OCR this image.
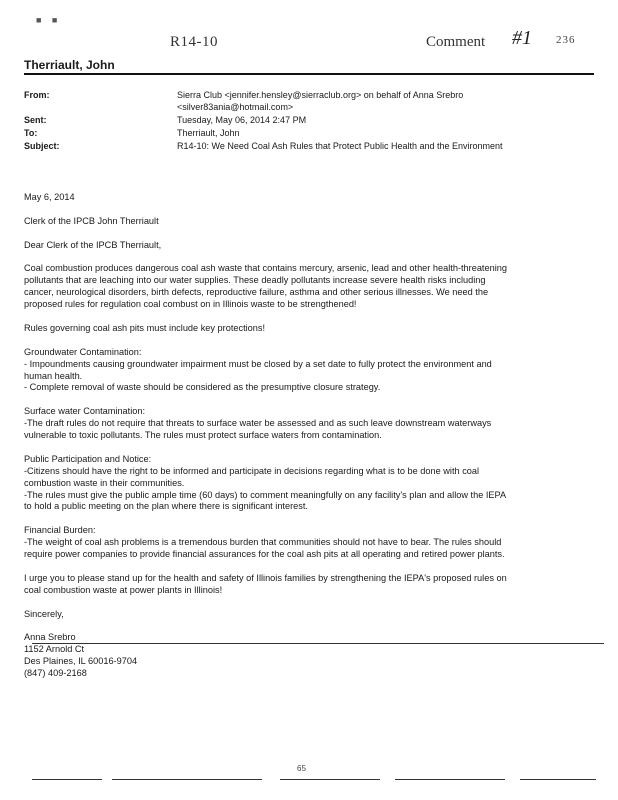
■ ■
R14-10	Comment #1 236
Therriault, John
From:	Sierra Club <jennifer.hensley@sierraclub.org> on behalf of Anna Srebro
<silver83ania@hotmail.com>
Sent:	Tuesday, May 06, 2014 2:47 PM
To:	Therriault, John
Subject:	R14-10: We Need Coal Ash Rules that Protect Public Health and the Environment

May 6, 2014

Clerk of the IPCB John Therriault

Dear Clerk of the IPCB Therriault,

Coal combustion produces dangerous coal ash waste that contains mercury, arsenic, lead and other health-threatening
pollutants that are leaching into our water supplies. These deadly pollutants increase severe health risks including
cancer, neurological disorders, birth defects, reproductive failure, asthma and other serious illnesses. We need the
proposed rules for regulation coal combust on in Illinois waste to be strengthened!

Rules governing coal ash pits must include key protections!

Groundwater Contamination:
- Impoundments causing groundwater impairment must be closed by a set date to fully protect the environment and
human health.
- Complete removal of waste should be considered as the presumptive closure strategy.

Surface water Contamination:
-The draft rules do not require that threats to surface water be assessed and as such leave downstream waterways
vulnerable to toxic pollutants. The rules must protect surface waters from contamination.

Public Participation and Notice:
-Citizens should have the right to be informed and participate in decisions regarding what is to be done with coal
combustion waste in their communities.
-The rules must give the public ample time (60 days) to comment meaningfully on any facility's plan and allow the IEPA
to hold a public meeting on the plan where there is significant interest.

Financial Burden:
-The weight of coal ash problems is a tremendous burden that communities should not have to bear. The rules should
require power companies to provide financial assurances for the coal ash pits at all operating and retired power plants.

I urge you to please stand up for the health and safety of Illinois families by strengthening the IEPA's proposed rules on
coal combustion waste at power plants in Illinois!

Sincerely,

Anna Srebro
1152 Arnold Ct
Des Plaines, IL 60016-9704
(847) 409-2168

65
